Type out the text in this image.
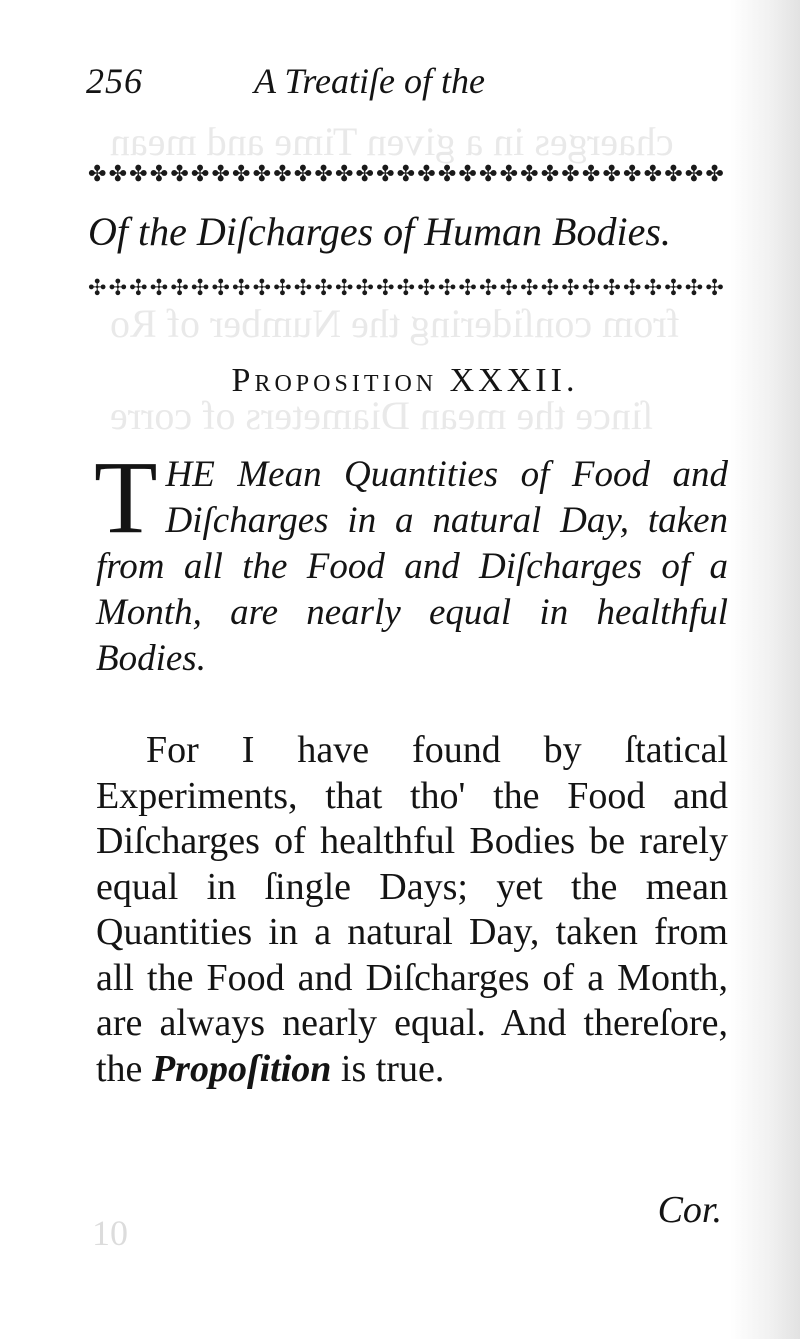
chaerges in a given Time and mean
from conſidering the Number of Ro
ſince the mean Diameters of corre
256	A Treatiſe of the
✤ ✤ ✤ ✤ ✤ ✤ ✤ ✤ ✤ ✤ ✤ ✤ ✤ ✤ ✤ ✤ ✤ ✤ ✤ ✤ ✤ ✤ ✤ ✤ ✤ ✤ ✤ ✤ ✤ ✤ ✤
Of the Diſcharges of Human Bodies.
✣ ✣ ✣ ✣ ✣ ✣ ✣ ✣ ✣ ✣ ✣ ✣ ✣ ✣ ✣ ✣ ✣ ✣ ✣ ✣ ✣ ✣ ✣ ✣ ✣ ✣ ✣ ✣ ✣ ✣ ✣
Proposition XXXII.
THE Mean Quantities of Food and Diſcharges in a natural Day, taken from all the Food and Diſcharges of a Month, are nearly equal in healthful Bodies.
For I have found by ſtatical Experiments, that tho' the Food and Diſcharges of healthful Bodies be rarely equal in ſingle Days; yet the mean Quantities in a natural Day, taken from all the Food and Diſcharges of a Month, are always nearly equal. And thereſore, the Propoſition is true.
10
Cor.
